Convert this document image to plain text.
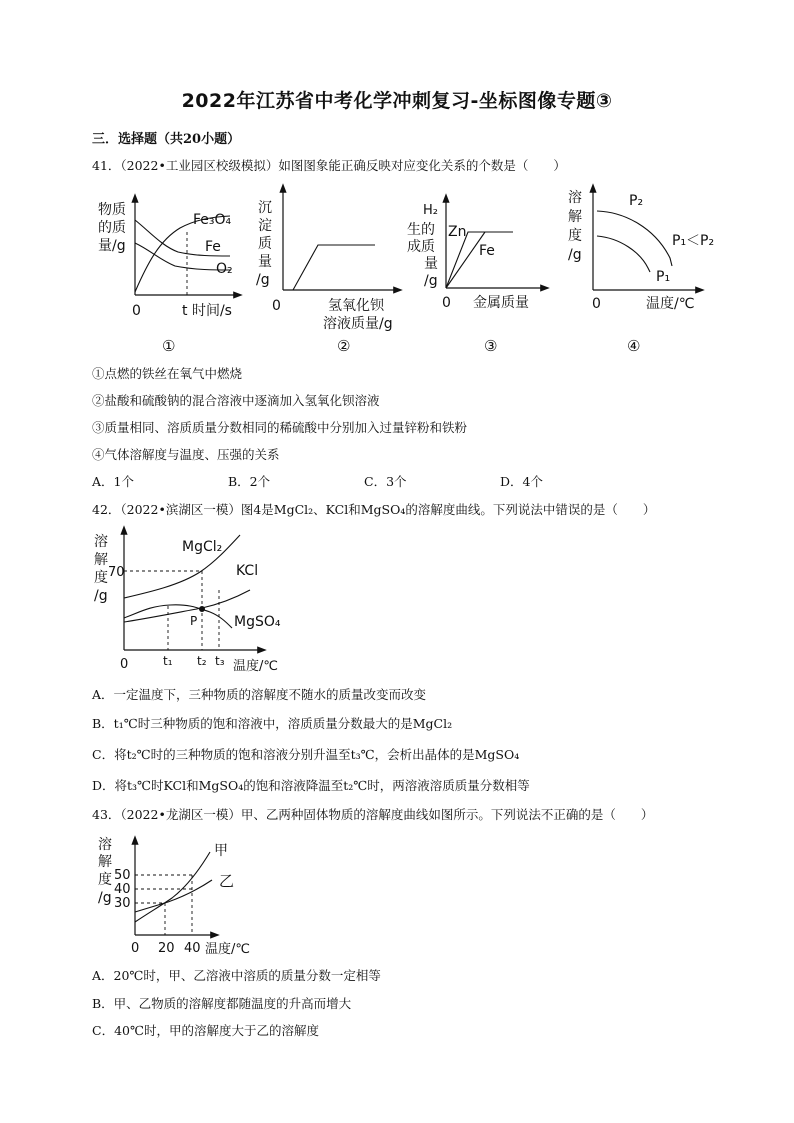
2022年江苏省中考化学冲刺复习-坐标图像专题③
三．选择题（共20小题）
41．（2022•工业园区校级模拟）如图图象能正确反映对应变化关系的个数是（　　）
物质
的质
量/g
Fe₃O₄
Fe
O₂
0	t 时间/s
①
沉
淀
质
量
/g
0	氢氧化钡
溶液质量/g
②
H₂
生的
成质
量
/g
Zn
Fe
0 金属质量
③
溶
解
度
/g
P₂
P₁
P₁＜P₂
0	温度/℃
④
①点燃的铁丝在氧气中燃烧
②盐酸和硫酸钠的混合溶液中逐滴加入氢氧化钡溶液
③质量相同、溶质质量分数相同的稀硫酸中分别加入过量锌粉和铁粉
④气体溶解度与温度、压强的关系
A．1个	B．2个	C．3个	D．4个
42．（2022•滨湖区一模）图4是MgCl₂、KCl和MgSO₄的溶解度曲线。下列说法中错误的是（　　）
溶
解
度
/g
70
P
MgCl₂
KCl
MgSO₄
0	t₁ t₂ t₃ 温度/℃
A．一定温度下，三种物质的溶解度不随水的质量改变而改变
B．t₁℃时三种物质的饱和溶液中，溶质质量分数最大的是MgCl₂
C．将t₂℃时的三种物质的饱和溶液分别升温至t₃℃，会析出晶体的是MgSO₄
D．将t₃℃时KCl和MgSO₄的饱和溶液降温至t₂℃时，两溶液溶质质量分数相等
43．（2022•龙湖区一模）甲、乙两种固体物质的溶解度曲线如图所示。下列说法不正确的是（　　）
溶
解
度
/g
50
40
30
甲
乙
0 20 40 温度/℃
A．20℃时，甲、乙溶液中溶质的质量分数一定相等
B．甲、乙物质的溶解度都随温度的升高而增大
C．40℃时，甲的溶解度大于乙的溶解度
